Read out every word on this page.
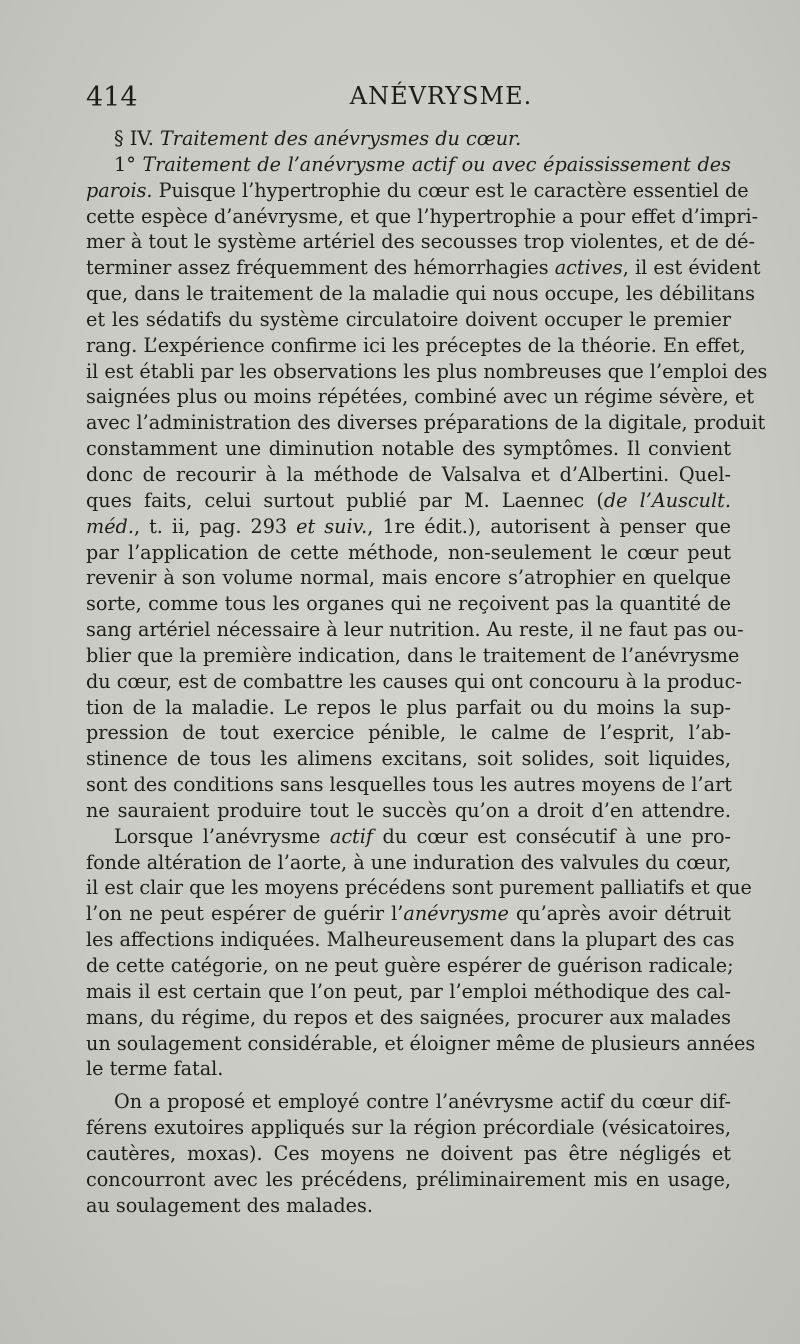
414	ANÉVRYSME.
§ IV. Traitement des anévrysmes du cœur.
1° Traitement de l’anévrysme actif ou avec épaississement des
parois. Puisque l’hypertrophie du cœur est le caractère essentiel de
cette espèce d’anévrysme, et que l’hypertrophie a pour effet d’impri-
mer à tout le système artériel des secousses trop violentes, et de dé-
terminer assez fréquemment des hémorrhagies actives, il est évident
que, dans le traitement de la maladie qui nous occupe, les débilitans
et les sédatifs du système circulatoire doivent occuper le premier
rang. L’expérience confirme ici les préceptes de la théorie. En effet,
il est établi par les observations les plus nombreuses que l’emploi des
saignées plus ou moins répétées, combiné avec un régime sévère, et
avec l’administration des diverses préparations de la digitale, produit
constamment une diminution notable des symptômes. Il convient
donc de recourir à la méthode de Valsalva et d’Albertini. Quel-
ques faits, celui surtout publié par M. Laennec (de l’Auscult.
méd., t. ii, pag. 293 et suiv., 1re édit.), autorisent à penser que
par l’application de cette méthode, non-seulement le cœur peut
revenir à son volume normal, mais encore s’atrophier en quelque
sorte, comme tous les organes qui ne reçoivent pas la quantité de
sang artériel nécessaire à leur nutrition. Au reste, il ne faut pas ou-
blier que la première indication, dans le traitement de l’anévrysme
du cœur, est de combattre les causes qui ont concouru à la produc-
tion de la maladie. Le repos le plus parfait ou du moins la sup-
pression de tout exercice pénible, le calme de l’esprit, l’ab-
stinence de tous les alimens excitans, soit solides, soit liquides,
sont des conditions sans lesquelles tous les autres moyens de l’art
ne sauraient produire tout le succès qu’on a droit d’en attendre.
Lorsque l’anévrysme actif du cœur est consécutif à une pro-
fonde altération de l’aorte, à une induration des valvules du cœur,
il est clair que les moyens précédens sont purement palliatifs et que
l’on ne peut espérer de guérir l’anévrysme qu’après avoir détruit
les affections indiquées. Malheureusement dans la plupart des cas
de cette catégorie, on ne peut guère espérer de guérison radicale;
mais il est certain que l’on peut, par l’emploi méthodique des cal-
mans, du régime, du repos et des saignées, procurer aux malades
un soulagement considérable, et éloigner même de plusieurs années
le terme fatal.
On a proposé et employé contre l’anévrysme actif du cœur dif-
férens exutoires appliqués sur la région précordiale (vésicatoires,
cautères, moxas). Ces moyens ne doivent pas être négligés et
concourront avec les précédens, préliminairement mis en usage,
au soulagement des malades.
